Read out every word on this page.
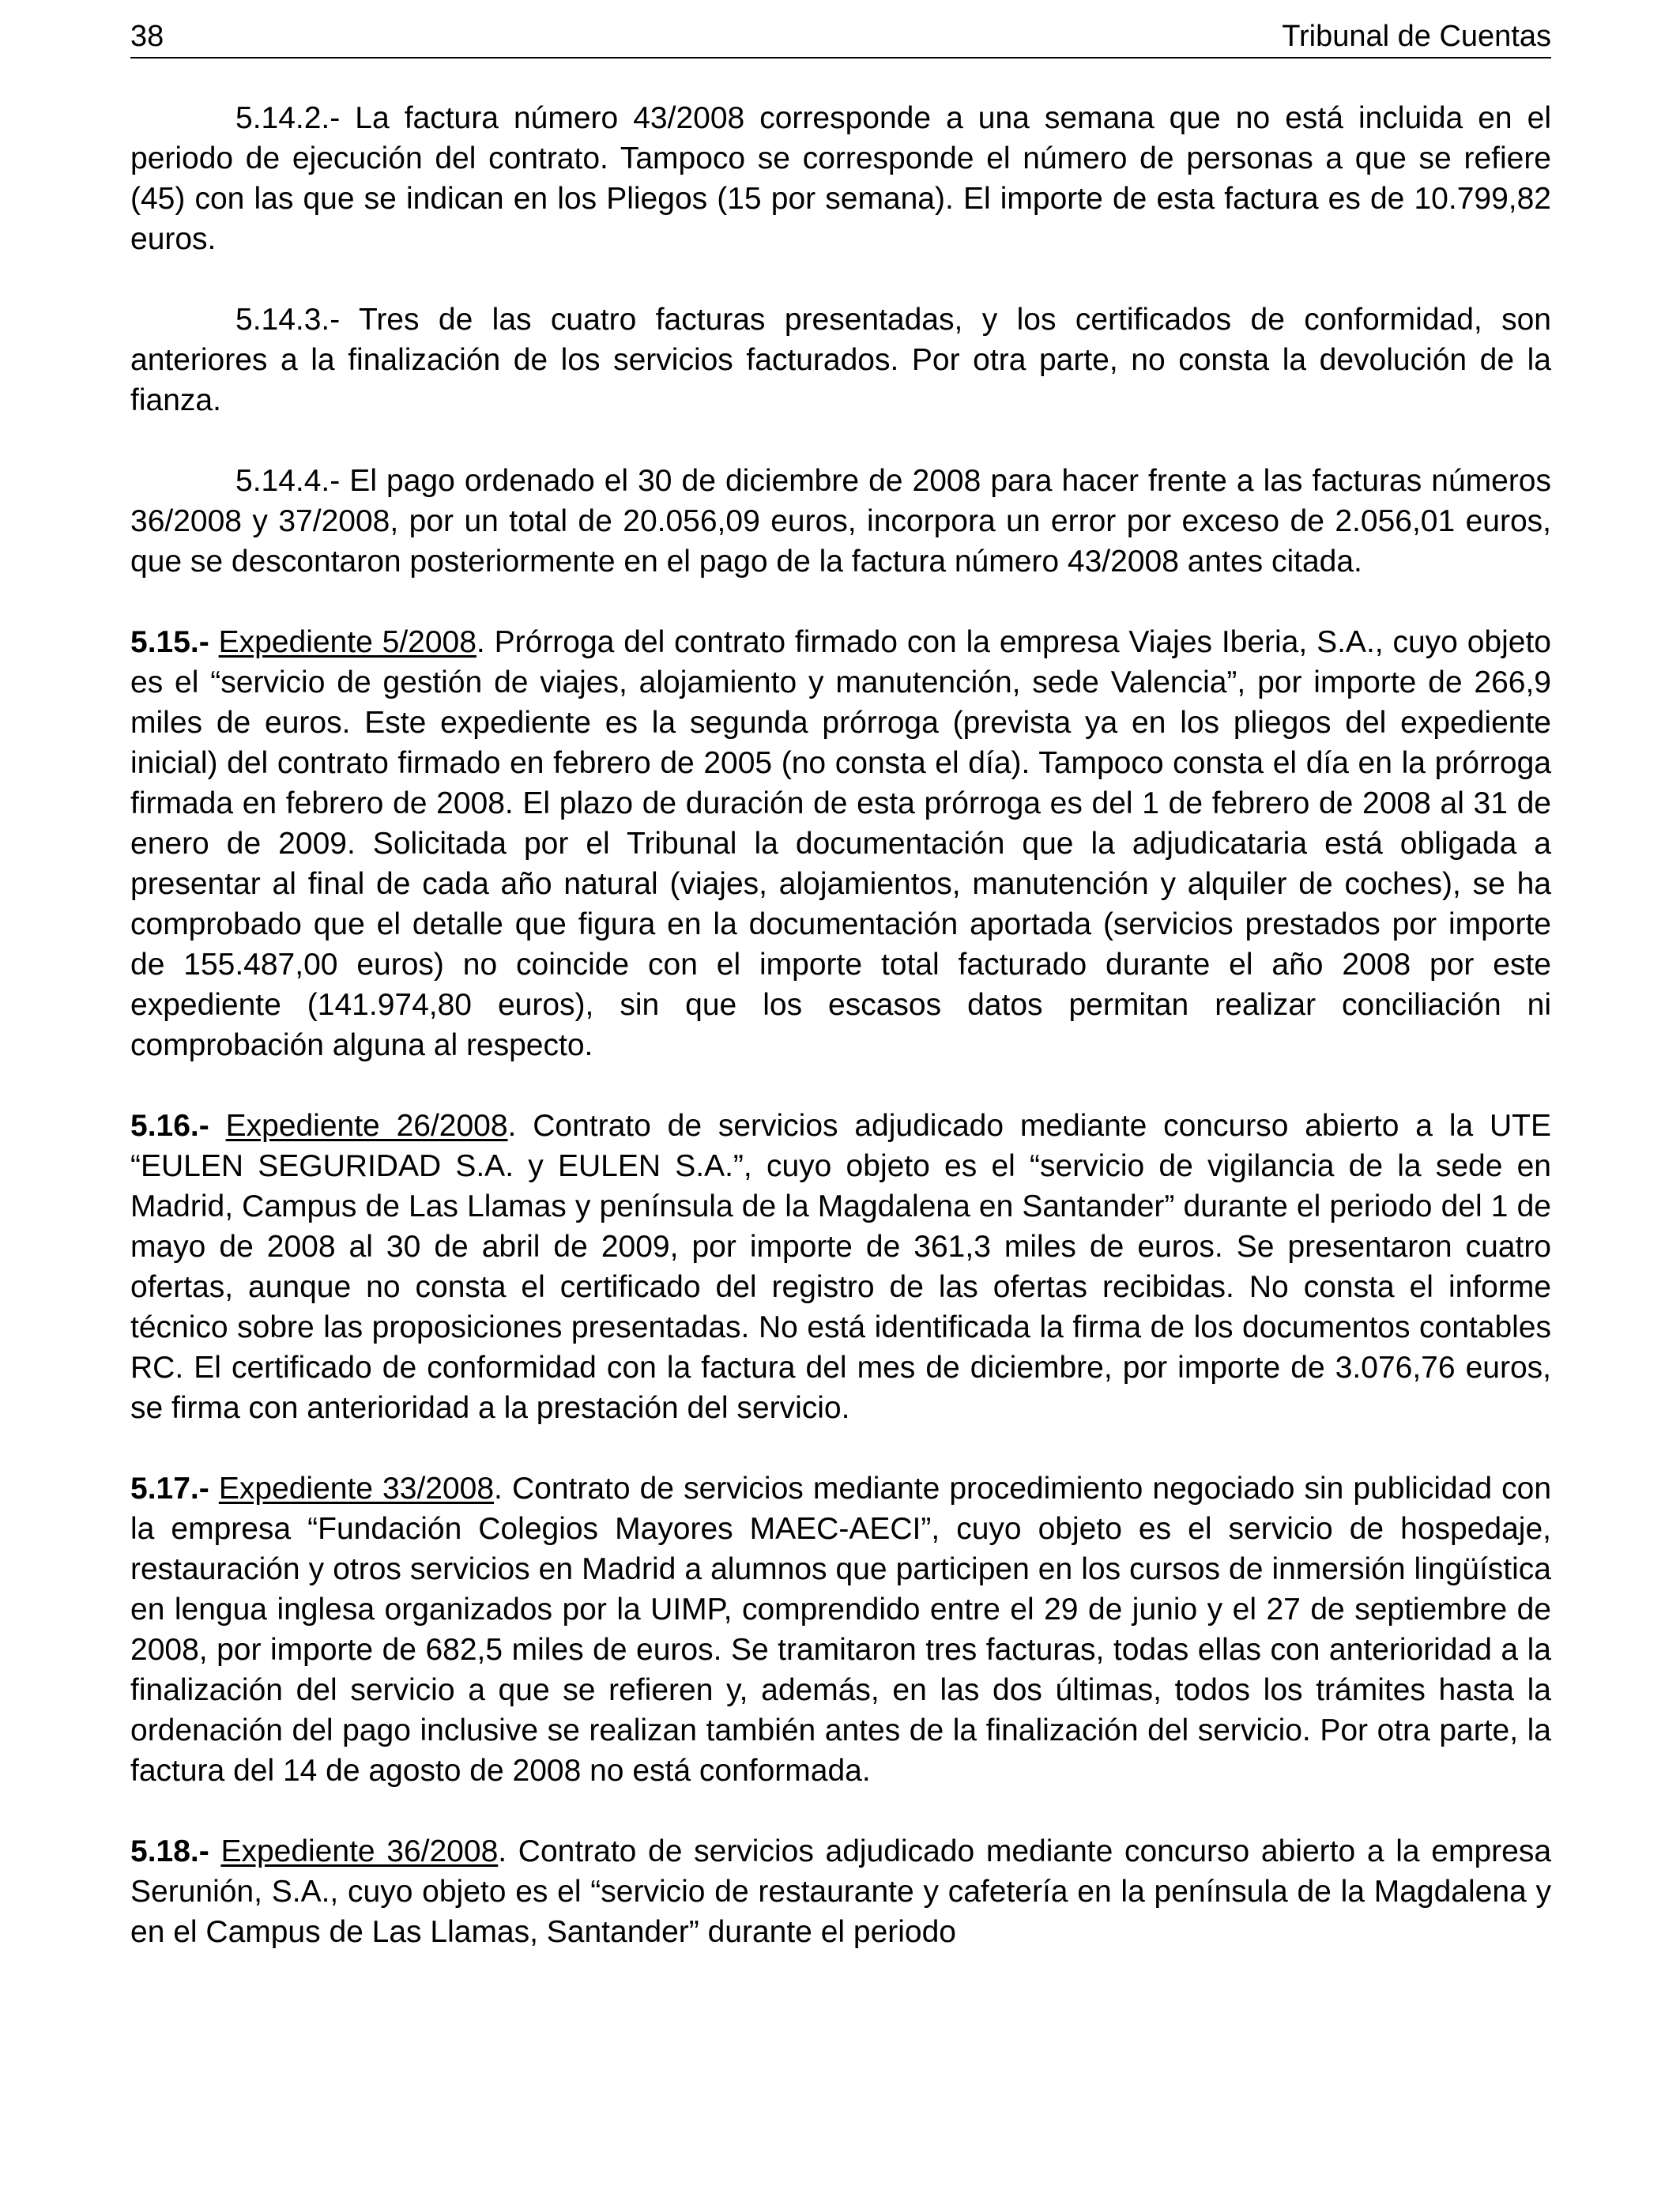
38	Tribunal de Cuentas

5.14.2.- La factura número 43/2008 corresponde a una semana que no está incluida en el periodo de ejecución del contrato. Tampoco se corresponde el número de personas a que se refiere (45) con las que se indican en los Pliegos (15 por semana). El importe de esta factura es de 10.799,82 euros.

5.14.3.- Tres de las cuatro facturas presentadas, y los certificados de conformidad, son anteriores a la finalización de los servicios facturados. Por otra parte, no consta la devolución de la fianza.

5.14.4.- El pago ordenado el 30 de diciembre de 2008 para hacer frente a las facturas números 36/2008 y 37/2008, por un total de 20.056,09 euros, incorpora un error por exceso de 2.056,01 euros, que se descontaron posteriormente en el pago de la factura número 43/2008 antes citada.

5.15.- Expediente 5/2008. Prórroga del contrato firmado con la empresa Viajes Iberia, S.A., cuyo objeto es el “servicio de gestión de viajes, alojamiento y manutención, sede Valencia”, por importe de 266,9 miles de euros. Este expediente es la segunda prórroga (prevista ya en los pliegos del expediente inicial) del contrato firmado en febrero de 2005 (no consta el día). Tampoco consta el día en la prórroga firmada en febrero de 2008. El plazo de duración de esta prórroga es del 1 de febrero de 2008 al 31 de enero de 2009. Solicitada por el Tribunal la documentación que la adjudicataria está obligada a presentar al final de cada año natural (viajes, alojamientos, manutención y alquiler de coches), se ha comprobado que el detalle que figura en la documentación aportada (servicios prestados por importe de 155.487,00 euros) no coincide con el importe total facturado durante el año 2008 por este expediente (141.974,80 euros), sin que los escasos datos permitan realizar conciliación ni comprobación alguna al respecto.

5.16.- Expediente 26/2008. Contrato de servicios adjudicado mediante concurso abierto a la UTE “EULEN SEGURIDAD S.A. y EULEN S.A.”, cuyo objeto es el “servicio de vigilancia de la sede en Madrid, Campus de Las Llamas y península de la Magdalena en Santander” durante el periodo del 1 de mayo de 2008 al 30 de abril de 2009, por importe de 361,3 miles de euros. Se presentaron cuatro ofertas, aunque no consta el certificado del registro de las ofertas recibidas. No consta el informe técnico sobre las proposiciones presentadas. No está identificada la firma de los documentos contables RC. El certificado de conformidad con la factura del mes de diciembre, por importe de 3.076,76 euros, se firma con anterioridad a la prestación del servicio.

5.17.- Expediente 33/2008. Contrato de servicios mediante procedimiento negociado sin publicidad con la empresa “Fundación Colegios Mayores MAEC-AECI”, cuyo objeto es el servicio de hospedaje, restauración y otros servicios en Madrid a alumnos que participen en los cursos de inmersión lingüística en lengua inglesa organizados por la UIMP, comprendido entre el 29 de junio y el 27 de septiembre de 2008, por importe de 682,5 miles de euros. Se tramitaron tres facturas, todas ellas con anterioridad a la finalización del servicio a que se refieren y, además, en las dos últimas, todos los trámites hasta la ordenación del pago inclusive se realizan también antes de la finalización del servicio. Por otra parte, la factura del 14 de agosto de 2008 no está conformada.

5.18.- Expediente 36/2008. Contrato de servicios adjudicado mediante concurso abierto a la empresa Serunión, S.A., cuyo objeto es el “servicio de restaurante y cafetería en la península de la Magdalena y en el Campus de Las Llamas, Santander” durante el periodo
